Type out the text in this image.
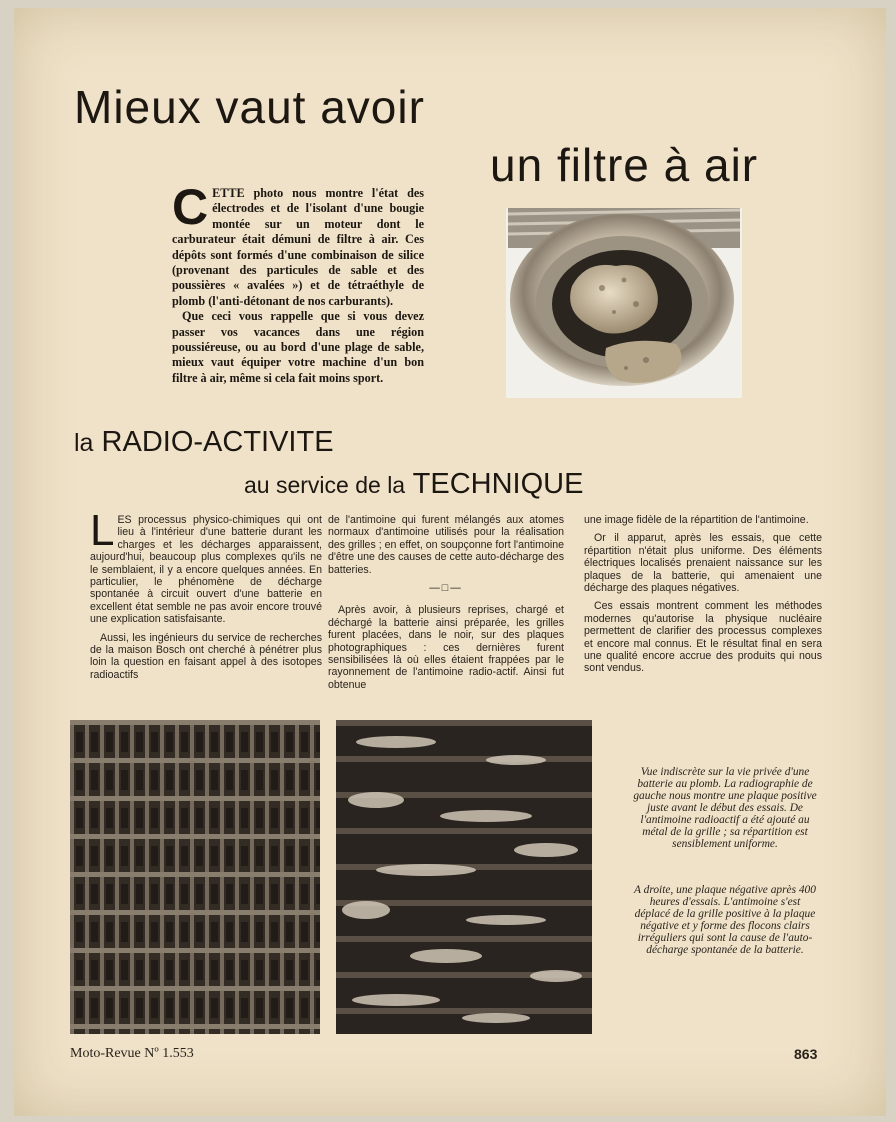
Mieux vaut avoir
un filtre à air

CETTE photo nous montre l'état des électrodes et de l'isolant d'une bougie montée sur un moteur dont le carburateur était démuni de filtre à air. Ces dépôts sont formés d'une combinaison de silice (provenant des particules de sable et des poussières « avalées ») et de tétraéthyle de plomb (l'anti-détonant de nos carburants).

Que ceci vous rappelle que si vous devez passer vos vacances dans une région poussiéreuse, ou au bord d'une plage de sable, mieux vaut équiper votre machine d'un bon filtre à air, même si cela fait moins sport.

la RADIO-ACTIVITE
au service de la TECHNIQUE

LES processus physico-chimiques qui ont lieu à l'intérieur d'une batterie durant les charges et les décharges apparaissent, aujourd'hui, beaucoup plus complexes qu'ils ne le semblaient, il y a encore quelques années. En particulier, le phénomène de décharge spontanée à circuit ouvert d'une batterie en excellent état semble ne pas avoir encore trouvé une explication satisfaisante.

Aussi, les ingénieurs du service de recherches de la maison Bosch ont cherché à pénétrer plus loin la question en faisant appel à des isotopes radioactifs

de l'antimoine qui furent mélangés aux atomes normaux d'antimoine utilisés pour la réalisation des grilles ; en effet, on soupçonne fort l'antimoine d'être une des causes de cette auto-décharge des batteries.

—□—

Après avoir, à plusieurs reprises, chargé et déchargé la batterie ainsi préparée, les grilles furent placées, dans le noir, sur des plaques photographiques : ces dernières furent sensibilisées là où elles étaient frappées par le rayonnement de l'antimoine radio-actif. Ainsi fut obtenue

une image fidèle de la répartition de l'antimoine.

Or il apparut, après les essais, que cette répartition n'était plus uniforme. Des éléments électriques localisés prenaient naissance sur les plaques de la batterie, qui amenaient une décharge des plaques négatives.

Ces essais montrent comment les méthodes modernes qu'autorise la physique nucléaire permettent de clarifier des processus complexes et encore mal connus. Et le résultat final en sera une qualité encore accrue des produits qui nous sont vendus.

Vue indiscrète sur la vie privée d'une batterie au plomb. La radiographie de gauche nous montre une plaque positive juste avant le début des essais. De l'antimoine radioactif a été ajouté au métal de la grille ; sa répartition est sensiblement uniforme.
A droite, une plaque négative après 400 heures d'essais. L'antimoine s'est déplacé de la grille positive à la plaque négative et y forme des flocons clairs irréguliers qui sont la cause de l'auto-décharge spontanée de la batterie.
Moto-Revue Nº 1.553	863
